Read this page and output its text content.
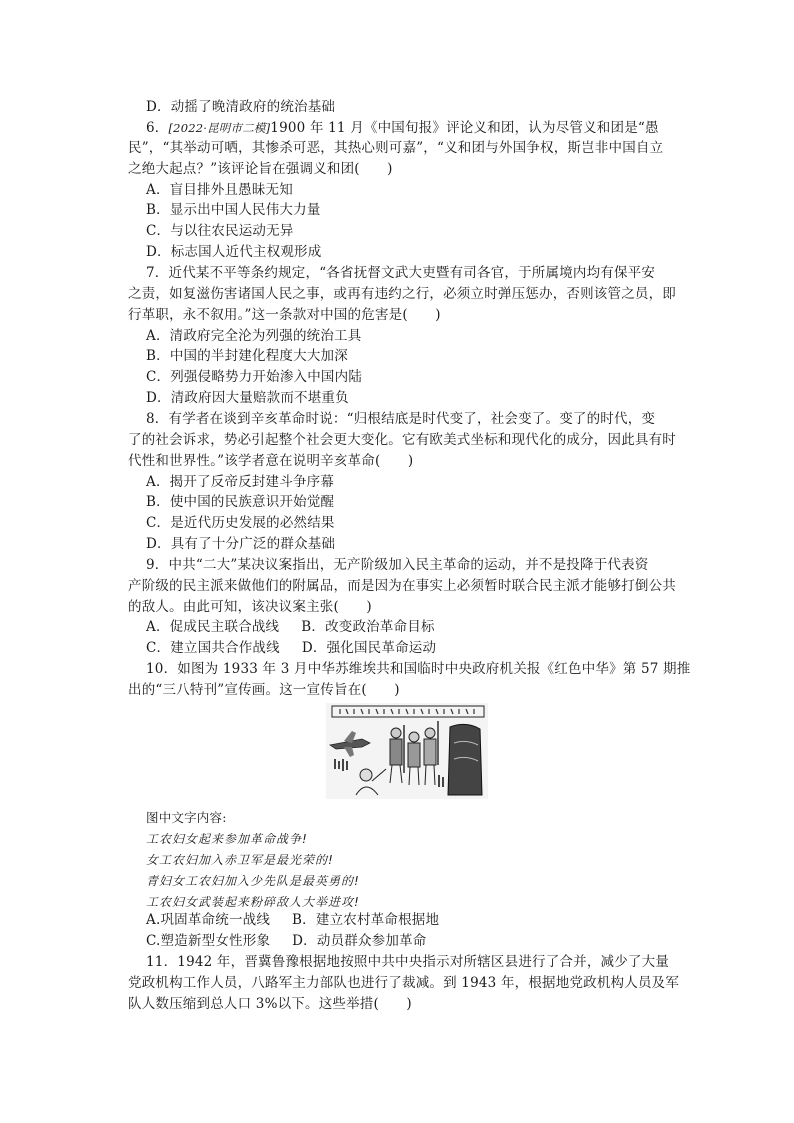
D．动摇了晚清政府的统治基础
6．[2022·昆明市二模]1900 年 11 月《中国旬报》评论义和团，认为尽管义和团是“愚
民”，“其举动可哂，其惨杀可恶，其热心则可嘉”，“义和团与外国争权，斯岂非中国自立
之绝大起点？”该评论旨在强调义和团(　　)
A．盲目排外且愚昧无知
B．显示出中国人民伟大力量
C．与以往农民运动无异
D．标志国人近代主权观形成
7．近代某不平等条约规定，“各省抚督文武大吏暨有司各官，于所属境内均有保平安
之责，如复滋伤害诸国人民之事，或再有违约之行，必须立时弹压惩办，否则该管之员，即
行革职，永不叙用。”这一条款对中国的危害是(　　)
A．清政府完全沦为列强的统治工具
B．中国的半封建化程度大大加深
C．列强侵略势力开始渗入中国内陆
D．清政府因大量赔款而不堪重负
8．有学者在谈到辛亥革命时说：“归根结底是时代变了，社会变了。变了的时代，变
了的社会诉求，势必引起整个社会更大变化。它有欧美式坐标和现代化的成分，因此具有时
代性和世界性。”该学者意在说明辛亥革命(　　)
A．揭开了反帝反封建斗争序幕
B．使中国的民族意识开始觉醒
C．是近代历史发展的必然结果
D．具有了十分广泛的群众基础
9．中共“二大”某决议案指出，无产阶级加入民主革命的运动，并不是投降于代表资
产阶级的民主派来做他们的附属品，而是因为在事实上必须暂时联合民主派才能够打倒公共
的敌人。由此可知，该决议案主张(　　)
A．促成民主联合战线 B．改变政治革命目标
C．建立国共合作战线 D．强化国民革命运动
10．如图为 1933 年 3 月中华苏维埃共和国临时中央政府机关报《红色中华》第 57 期推
出的“三八特刊”宣传画。这一宣传旨在(　　)
图中文字内容:
工农妇女起来参加革命战争!
女工农妇加入赤卫军是最光荣的!
青妇女工农妇加入少先队是最英勇的!
工农妇女武装起来粉碎敌人大举进攻!
A.巩固革命统一战线 B．建立农村革命根据地
C.塑造新型女性形象 D．动员群众参加革命
11．1942 年，晋冀鲁豫根据地按照中共中央指示对所辖区县进行了合并，减少了大量
党政机构工作人员，八路军主力部队也进行了裁减。到 1943 年，根据地党政机构人员及军
队人数压缩到总人口 3%以下。这些举措(　　)
